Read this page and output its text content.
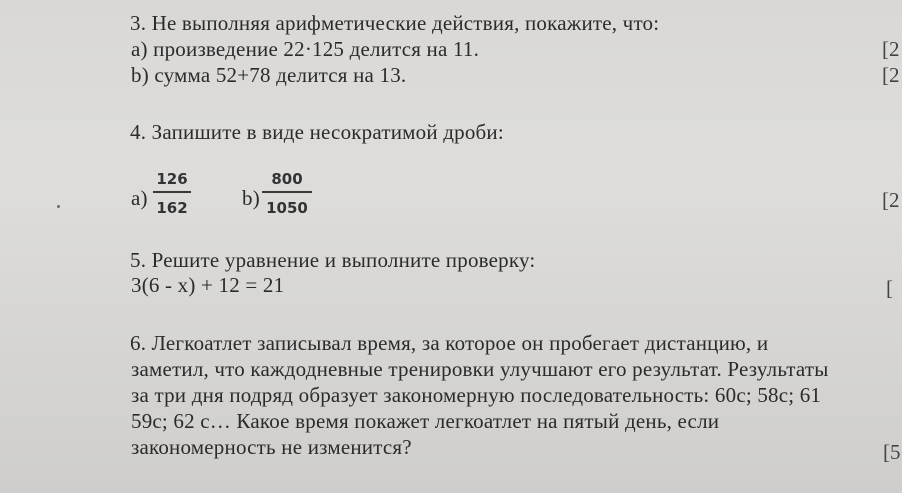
3. Не выполняя арифметические действия, покажите, что:
а) произведение 22·125 делится на 11.	[2
b) сумма 52+78 делится на 13.	[2
4. Запишите в виде несократимой дроби:
а)
126
162	b)
800
1050	[2
5. Решите уравнение и выполните проверку:
3(6 - x) + 12 = 21	[
6. Легкоатлет записывал время, за которое он пробегает дистанцию, и
заметил, что каждодневные тренировки улучшают его результат. Результаты
за три дня подряд образует закономерную последовательность: 60с; 58с; 61
59с; 62 с… Какое время покажет легкоатлет на пятый день, если
закономерность не изменится?	[5
